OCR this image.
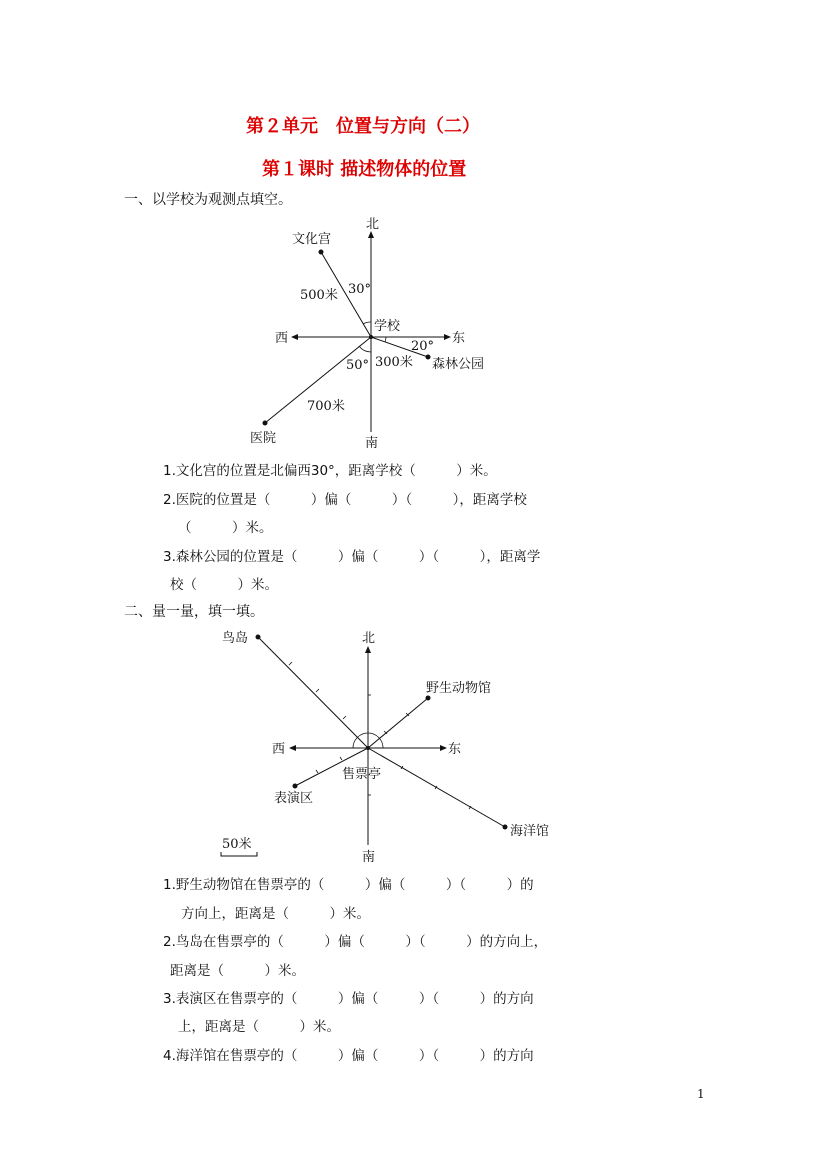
第２单元　位置与方向（二）
第１课时 描述物体的位置
一、以学校为观测点填空。
北
南
东
西
学校
文化宫
医院
森林公园
500米
700米
300米
30°
50°
20°
1.文化宫的位置是北偏西30°，距离学校（　　　）米。
2.医院的位置是（　　　）偏（　　　）（　　　），距离学校
（　　　）米。
3.森林公园的位置是（　　　）偏（　　　）（　　　），距离学
校（　　　）米。
二、量一量，填一填。
北
南
东
西
售票亭
鸟岛
野生动物馆
表演区
海洋馆
50米
1.野生动物馆在售票亭的（　　　）偏（　　　）（　　　）的
方向上，距离是（　　　）米。
2.鸟岛在售票亭的（　　　）偏（　　　）（　　　）的方向上，
距离是（　　　）米。
3.表演区在售票亭的（　　　）偏（　　　）（　　　）的方向
上，距离是（　　　）米。
4.海洋馆在售票亭的（　　　）偏（　　　）（　　　）的方向
1
